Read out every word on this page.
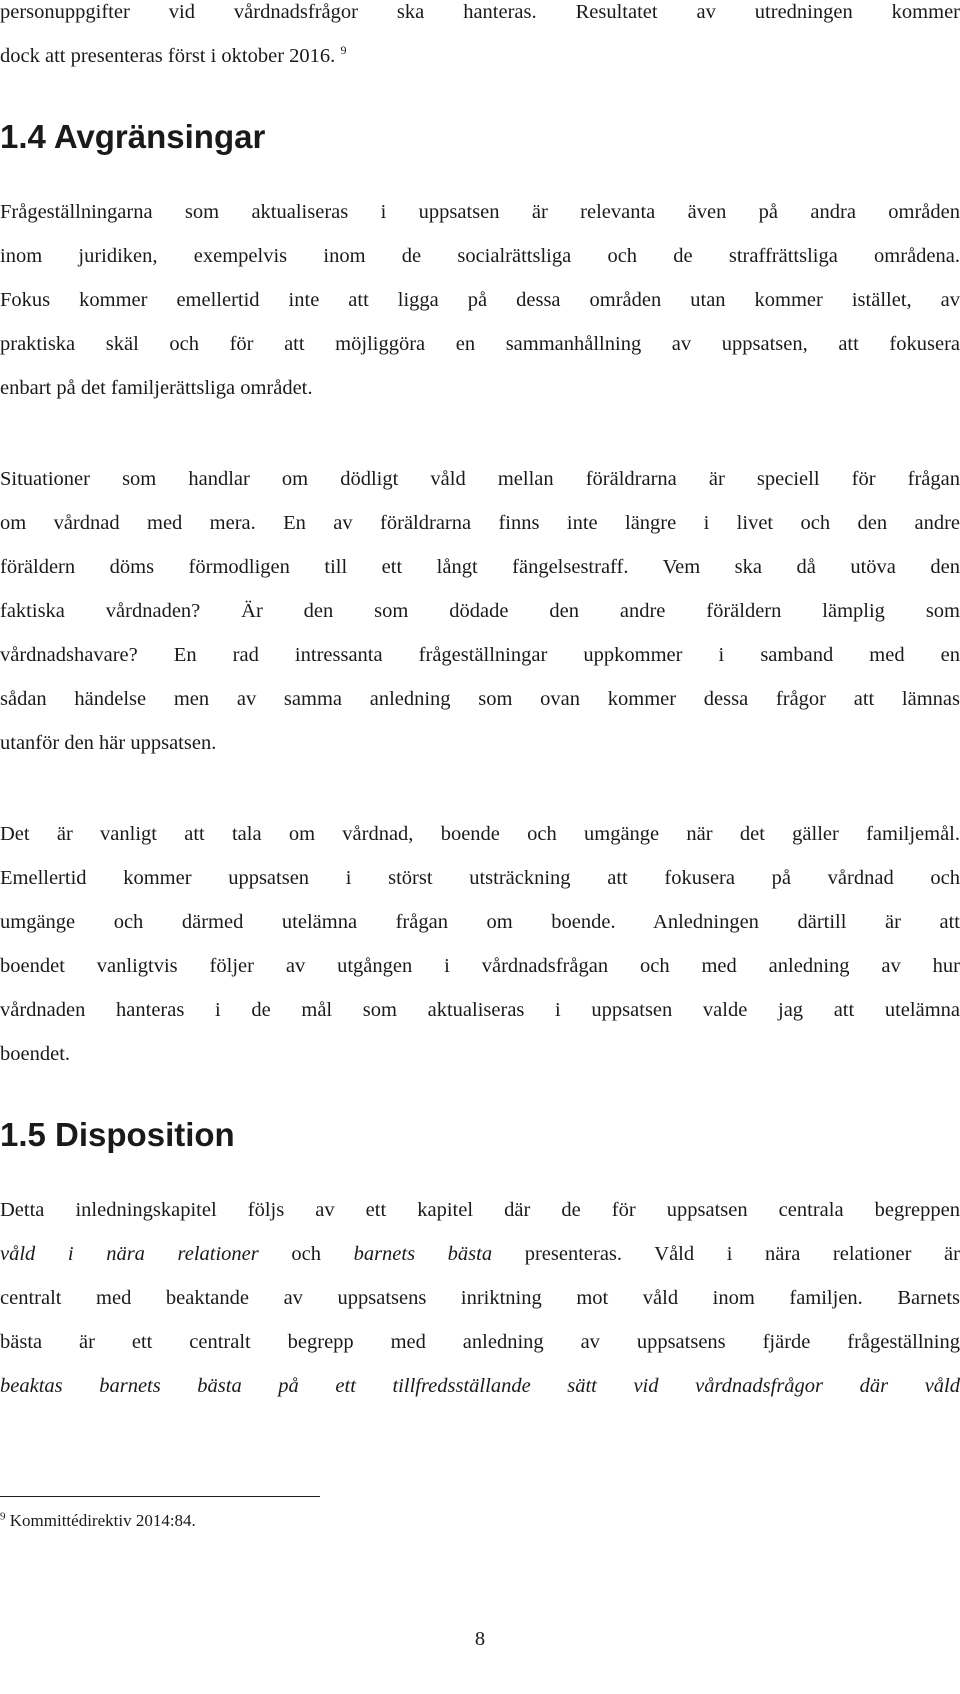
personuppgifter vid vårdnadsfrågor ska hanteras. Resultatet av utredningen kommer

dock att presenteras först i oktober 2016. $^9$

1.4 Avgränsingar

Frågeställningarna som aktualiseras i uppsatsen är relevanta även på andra områden

inom juridiken, exempelvis inom de socialrättsliga och de straffrättsliga områdena.

Fokus kommer emellertid inte att ligga på dessa områden utan kommer istället, av

praktiska skäl och för att möjliggöra en sammanhållning av uppsatsen, att fokusera

enbart på det familjerättsliga området.

Situationer som handlar om dödligt våld mellan föräldrarna är speciell för frågan

om vårdnad med mera. En av föräldrarna finns inte längre i livet och den andre

föräldern döms förmodligen till ett långt fängelsestraff. Vem ska då utöva den

faktiska vårdnaden? Är den som dödade den andre föräldern lämplig som

vårdnadshavare? En rad intressanta frågeställningar uppkommer i samband med en

sådan händelse men av samma anledning som ovan kommer dessa frågor att lämnas

utanför den här uppsatsen.

Det är vanligt att tala om vårdnad, boende och umgänge när det gäller familjemål.

Emellertid kommer uppsatsen i störst utsträckning att fokusera på vårdnad och

umgänge och därmed utelämna frågan om boende. Anledningen därtill är att

boendet vanligtvis följer av utgången i vårdnadsfrågan och med anledning av hur

vårdnaden hanteras i de mål som aktualiseras i uppsatsen valde jag att utelämna

boendet.

1.5 Disposition

Detta inledningskapitel följs av ett kapitel där de för uppsatsen centrala begreppen

våld i nära relationer och barnets bästa presenteras. Våld i nära relationer är

centralt med beaktande av uppsatsens inriktning mot våld inom familjen. Barnets

bästa är ett centralt begrepp med anledning av uppsatsens fjärde frågeställning

beaktas barnets bästa på ett tillfredsställande sätt vid vårdnadsfrågor där våld

$^9$ Kommittédirektiv 2014:84.
8
